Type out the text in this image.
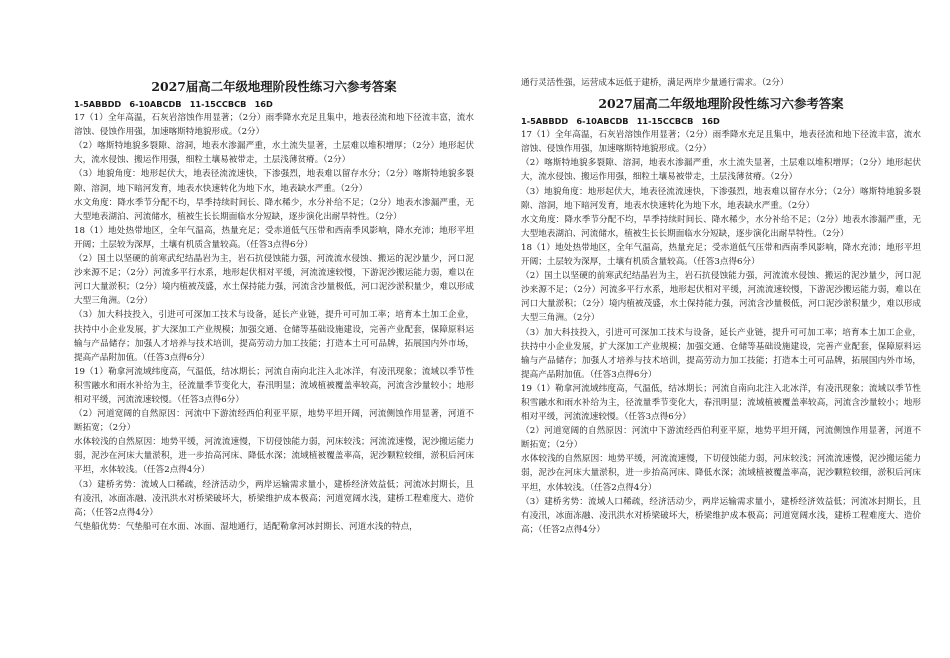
2027届高二年级地理阶段性练习六参考答案
1-5ABBDD　6-10ABCDB　11-15CCBCB　16D

17（1）全年高温，石灰岩溶蚀作用显著；（2分）雨季降水充足且集中，地表径流和地下径流丰富，流水溶蚀、侵蚀作用强，加速喀斯特地貌形成。（2分）

（2）喀斯特地貌多裂隙、溶洞，地表水渗漏严重，水土流失显著，土层难以堆积增厚；（2分）地形起伏大，流水侵蚀、搬运作用强，细粒土壤易被带走，土层浅薄贫瘠。（2分）

（3）地貌角度：地形起伏大，地表径流流速快，下渗强烈，地表难以留存水分；（2分）喀斯特地貌多裂隙、溶洞，地下暗河发育，地表水快速转化为地下水，地表缺水严重。（2分）

水文角度：降水季节分配不均，旱季持续时间长、降水稀少，水分补给不足；（2分）地表水渗漏严重，无大型地表湖泊、河流储水，植被生长长期面临水分短缺，逐步演化出耐旱特性。（2分）

18（1）地处热带地区，全年气温高，热量充足；受赤道低气压带和西南季风影响，降水充沛；地形平坦开阔；土层较为深厚，土壤有机质含量较高。（任答3点得6分）

（2）国土以坚硬的前寒武纪结晶岩为主，岩石抗侵蚀能力强，河流流水侵蚀、搬运的泥沙量少，河口泥沙来源不足；（2分）河流多平行水系，地形起伏相对平缓，河流流速较慢，下游泥沙搬运能力弱，难以在河口大量淤积；（2分）境内植被茂盛，水土保持能力强，河流含沙量极低，河口泥沙淤积量少，难以形成大型三角洲。（2分）

（3）加大科技投入，引进可可深加工技术与设备，延长产业链，提升可可加工率；培育本土加工企业，扶持中小企业发展，扩大深加工产业规模；加强交通、仓储等基础设施建设，完善产业配套，保障原料运输与产品储存；加强人才培养与技术培训，提高劳动力加工技能；打造本土可可品牌，拓展国内外市场，提高产品附加值。（任答3点得6分）

19（1）勒拿河流域纬度高，气温低，结冰期长；河流自南向北注入北冰洋，有凌汛现象；流域以季节性积雪融水和雨水补给为主，径流量季节变化大，春汛明显；流域植被覆盖率较高，河流含沙量较小；地形相对平缓，河流流速较慢。（任答3点得6分）

（2）河道宽阔的自然原因：河流中下游流经西伯利亚平原，地势平坦开阔，河流侧蚀作用显著，河道不断拓宽；（2分）

水体较浅的自然原因：地势平缓，河流流速慢，下切侵蚀能力弱，河床较浅；河流流速慢，泥沙搬运能力弱，泥沙在河床大量淤积，进一步抬高河床、降低水深；流域植被覆盖率高，泥沙颗粒较细，淤积后河床平坦，水体较浅。（任答2点得4分）

（3）建桥劣势：流域人口稀疏，经济活动少，两岸运输需求量小，建桥经济效益低；河流冰封期长，且有凌汛，冰面冻融、凌汛洪水对桥梁破坏大，桥梁维护成本极高；河道宽阔水浅，建桥工程难度大、造价高；（任答2点得4分）

气垫船优势：气垫船可在水面、冰面、湿地通行，适配勒拿河冰封期长、河道水浅的特点，

通行灵活性强，运营成本远低于建桥，满足两岸少量通行需求。（2分）

2027届高二年级地理阶段性练习六参考答案
1-5ABBDD　6-10ABCDB　11-15CCBCB　16D

17（1）全年高温，石灰岩溶蚀作用显著；（2分）雨季降水充足且集中，地表径流和地下径流丰富，流水溶蚀、侵蚀作用强，加速喀斯特地貌形成。（2分）

（2）喀斯特地貌多裂隙、溶洞，地表水渗漏严重，水土流失显著，土层难以堆积增厚；（2分）地形起伏大，流水侵蚀、搬运作用强，细粒土壤易被带走，土层浅薄贫瘠。（2分）

（3）地貌角度：地形起伏大，地表径流流速快，下渗强烈，地表难以留存水分；（2分）喀斯特地貌多裂隙、溶洞，地下暗河发育，地表水快速转化为地下水，地表缺水严重。（2分）

水文角度：降水季节分配不均，旱季持续时间长、降水稀少，水分补给不足；（2分）地表水渗漏严重，无大型地表湖泊、河流储水，植被生长长期面临水分短缺，逐步演化出耐旱特性。（2分）

18（1）地处热带地区，全年气温高，热量充足；受赤道低气压带和西南季风影响，降水充沛；地形平坦开阔；土层较为深厚，土壤有机质含量较高。（任答3点得6分）

（2）国土以坚硬的前寒武纪结晶岩为主，岩石抗侵蚀能力强，河流流水侵蚀、搬运的泥沙量少，河口泥沙来源不足；（2分）河流多平行水系，地形起伏相对平缓，河流流速较慢，下游泥沙搬运能力弱，难以在河口大量淤积；（2分）境内植被茂盛，水土保持能力强，河流含沙量极低，河口泥沙淤积量少，难以形成大型三角洲。（2分）

（3）加大科技投入，引进可可深加工技术与设备，延长产业链，提升可可加工率；培育本土加工企业，扶持中小企业发展，扩大深加工产业规模；加强交通、仓储等基础设施建设，完善产业配套，保障原料运输与产品储存；加强人才培养与技术培训，提高劳动力加工技能；打造本土可可品牌，拓展国内外市场，提高产品附加值。（任答3点得6分）

19（1）勒拿河流域纬度高，气温低，结冰期长；河流自南向北注入北冰洋，有凌汛现象；流域以季节性积雪融水和雨水补给为主，径流量季节变化大，春汛明显；流域植被覆盖率较高，河流含沙量较小；地形相对平缓，河流流速较慢。（任答3点得6分）

（2）河道宽阔的自然原因：河流中下游流经西伯利亚平原，地势平坦开阔，河流侧蚀作用显著，河道不断拓宽；（2分）

水体较浅的自然原因：地势平缓，河流流速慢，下切侵蚀能力弱，河床较浅；河流流速慢，泥沙搬运能力弱，泥沙在河床大量淤积，进一步抬高河床、降低水深；流域植被覆盖率高，泥沙颗粒较细，淤积后河床平坦，水体较浅。（任答2点得4分）

（3）建桥劣势：流域人口稀疏，经济活动少，两岸运输需求量小，建桥经济效益低；河流冰封期长，且有凌汛，冰面冻融、凌汛洪水对桥梁破坏大，桥梁维护成本极高；河道宽阔水浅，建桥工程难度大、造价高；（任答2点得4分）
